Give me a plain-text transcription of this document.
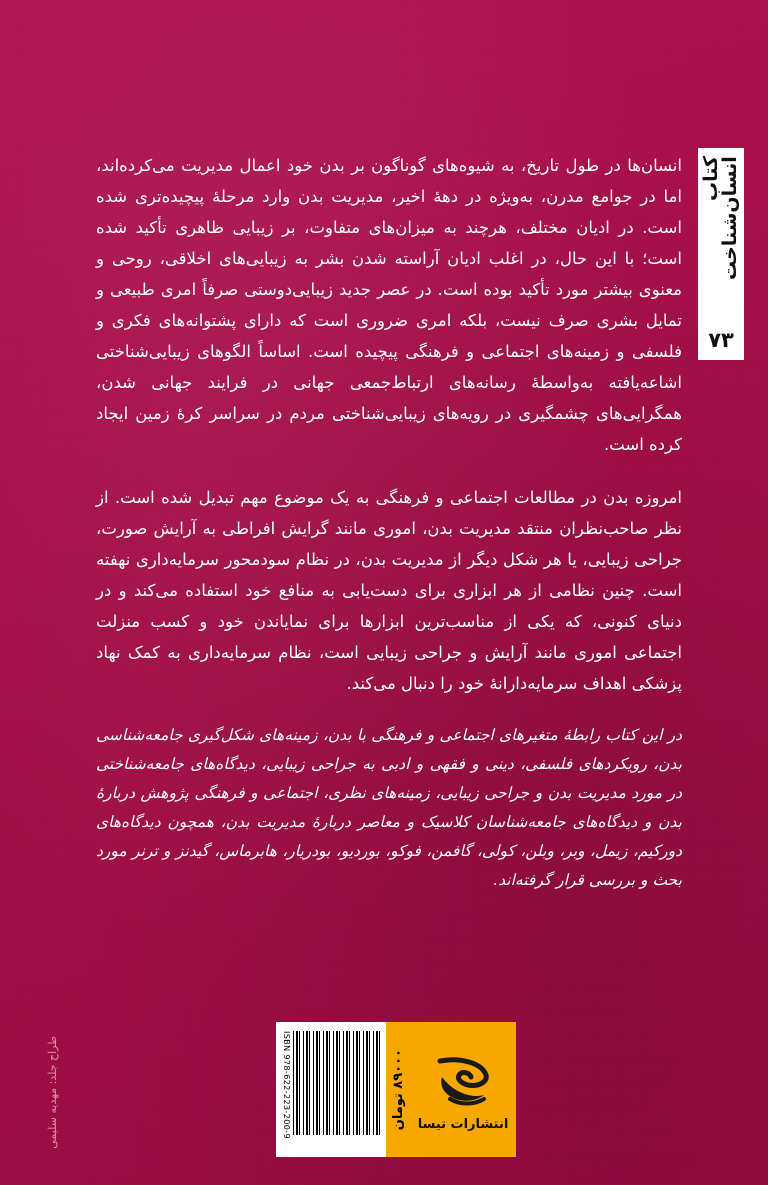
کتاب انسان‌شناخت
۷۳

انسان‌ها در طول تاریخ، به شیوه‌های گوناگون بر بدن خود اعمال مدیریت می‌کرده‌اند، اما در جوامع مدرن، به‌ویژه در دهۀ اخیر، مدیریت بدن وارد مرحلۀ پیچیده‌تری شده است. در ادیان مختلف، هرچند به میزان‌های متفاوت، بر زیبایی ظاهری تأکید شده است؛ با این حال، در اغلب ادیان آراسته شدن بشر به زیبایی‌های اخلاقی، روحی و معنوی بیشتر مورد تأکید بوده است. در عصر جدید زیبایی‌دوستی صرفاً امری طبیعی و تمایل بشری صرف نیست، بلکه امری ضروری است که دارای پشتوانه‌های فکری و فلسفی و زمینه‌های اجتماعی و فرهنگی پیچیده است. اساساً الگوهای زیبایی‌شناختی اشاعه‌یافته به‌واسطۀ رسانه‌های ارتباط‌جمعی جهانی در فرایند جهانی شدن، همگرایی‌های چشمگیری در رویه‌های زیبایی‌شناختی مردم در سراسر کرۀ زمین ایجاد کرده است.

امروزه بدن در مطالعات اجتماعی و فرهنگی به یک موضوع مهم تبدیل شده است. از نظر صاحب‌نظران منتقد مدیریت بدن، اموری مانند گرایش افراطی به آرایش صورت، جراحی زیبایی، یا هر شکل دیگر از مدیریت بدن، در نظام سودمحور سرمایه‌داری نهفته است. چنین نظامی از هر ابزاری برای دست‌یابی به منافع خود استفاده می‌کند و در دنیای کنونی، که یکی از مناسب‌ترین ابزارها برای نمایاندن خود و کسب منزلت اجتماعی اموری مانند آرایش و جراحی زیبایی است، نظام سرمایه‌داری به کمک نهاد پزشکی اهداف سرمایه‌دارانۀ خود را دنبال می‌کند.

در این کتاب رابطۀ متغیرهای اجتماعی و فرهنگی با بدن، زمینه‌های شکل‌گیری جامعه‌شناسی بدن، رویکردهای فلسفی، دینی و فقهی و ادبی به جراحی زیبایی، دیدگاه‌های جامعه‌شناختی در مورد مدیریت بدن و جراحی زیبایی، زمینه‌های نظری، اجتماعی و فرهنگی پژوهش دربارۀ بدن و دیدگاه‌های جامعه‌شناسان کلاسیک و معاصر دربارۀ مدیریت بدن، همچون دیدگاه‌های دورکیم، زیمل، وبر، وبلن، کولی، گافمن، فوکو، بوردیو، بودریار، هابرماس، گیدنز و ترنر مورد بحث و بررسی قرار گرفته‌اند.

ISBN 978-622-223-200-9	۸۹۰۰۰ تومان
انتشارات تیسا
طراح جلد: مهدیه سلیمی
